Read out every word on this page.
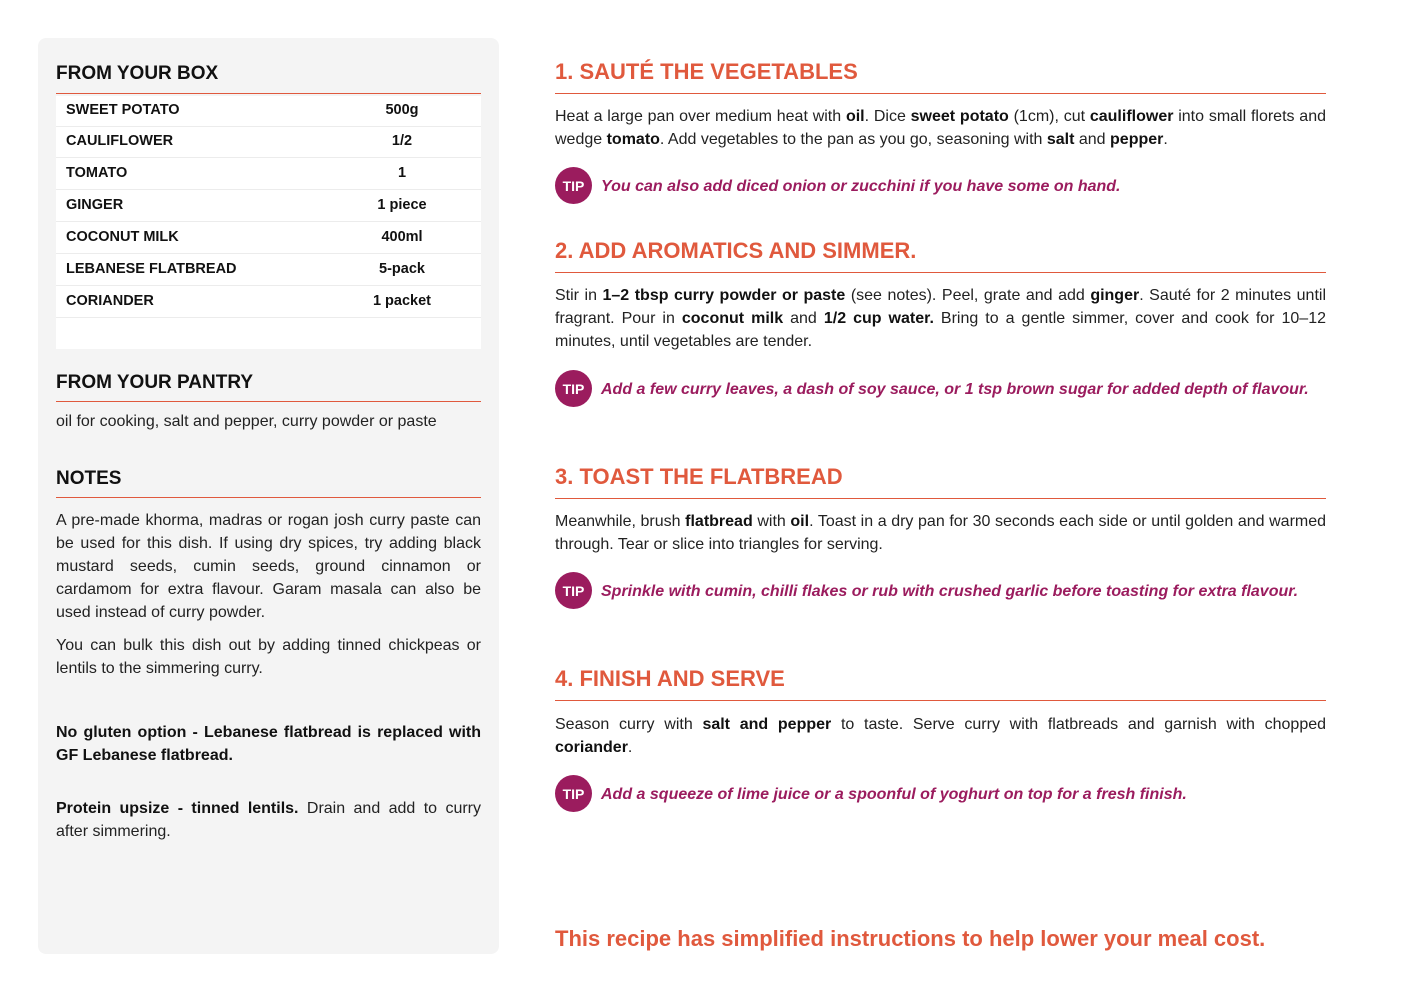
FROM YOUR BOX
SWEET POTATO	500g
CAULIFLOWER	1/2
TOMATO	1
GINGER	1 piece
COCONUT MILK	400ml
LEBANESE FLATBREAD	5-pack
CORIANDER	1 packet
FROM YOUR PANTRY
oil for cooking, salt and pepper, curry powder or paste
NOTES
A pre-made khorma, madras or rogan josh curry paste can be used for this dish. If using dry spices, try adding black mustard seeds, cumin seeds, ground cinnamon or cardamom for extra flavour. Garam masala can also be used instead of curry powder.
You can bulk this dish out by adding tinned chickpeas or lentils to the simmering curry.
No gluten option - Lebanese flatbread is replaced with GF Lebanese flatbread.
Protein upsize - tinned lentils. Drain and add to curry after simmering.
1. SAUTÉ THE VEGETABLES
Heat a large pan over medium heat with oil. Dice sweet potato (1cm), cut cauliflower into small florets and wedge tomato. Add vegetables to the pan as you go, seasoning with salt and pepper.
TIP	You can also add diced onion or zucchini if you have some on hand.
2. ADD AROMATICS AND SIMMER.
Stir in 1–2 tbsp curry powder or paste (see notes). Peel, grate and add ginger. Sauté for 2 minutes until fragrant. Pour in coconut milk and 1/2 cup water. Bring to a gentle simmer, cover and cook for 10–12 minutes, until vegetables are tender.
TIP	Add a few curry leaves, a dash of soy sauce, or 1 tsp brown sugar for added depth of flavour.
3. TOAST THE FLATBREAD
Meanwhile, brush flatbread with oil. Toast in a dry pan for 30 seconds each side or until golden and warmed through. Tear or slice into triangles for serving.
TIP	Sprinkle with cumin, chilli flakes or rub with crushed garlic before toasting for extra flavour.
4. FINISH AND SERVE
Season curry with salt and pepper to taste. Serve curry with flatbreads and garnish with chopped coriander.
TIP	Add a squeeze of lime juice or a spoonful of yoghurt on top for a fresh finish.
This recipe has simplified instructions to help lower your meal cost.
